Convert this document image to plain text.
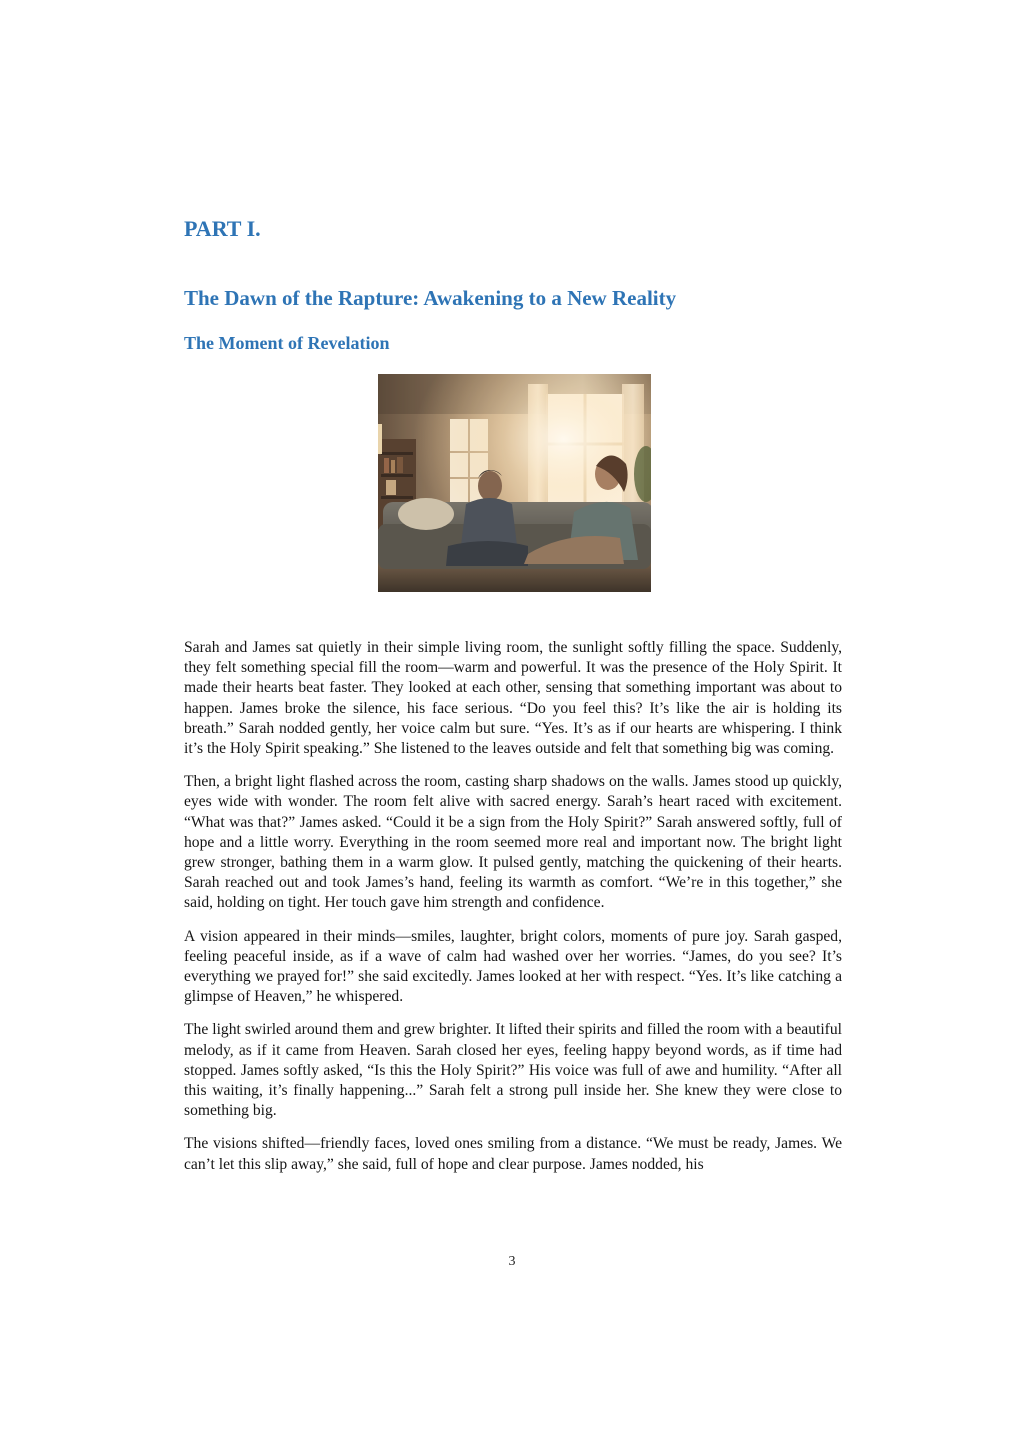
PART I.
The Dawn of the Rapture: Awakening to a New Reality
The Moment of Revelation

Sarah and James sat quietly in their simple living room, the sunlight softly filling the space. Suddenly, they felt something special fill the room—warm and powerful. It was the presence of the Holy Spirit. It made their hearts beat faster. They looked at each other, sensing that something important was about to happen. James broke the silence, his face serious. “Do you feel this? It’s like the air is holding its breath.” Sarah nodded gently, her voice calm but sure. “Yes. It’s as if our hearts are whispering. I think it’s the Holy Spirit speaking.” She listened to the leaves outside and felt that something big was coming.

Then, a bright light flashed across the room, casting sharp shadows on the walls. James stood up quickly, eyes wide with wonder. The room felt alive with sacred energy. Sarah’s heart raced with excitement. “What was that?” James asked. “Could it be a sign from the Holy Spirit?” Sarah answered softly, full of hope and a little worry. Everything in the room seemed more real and important now. The bright light grew stronger, bathing them in a warm glow. It pulsed gently, matching the quickening of their hearts. Sarah reached out and took James’s hand, feeling its warmth as comfort. “We’re in this together,” she said, holding on tight. Her touch gave him strength and confidence.

A vision appeared in their minds—smiles, laughter, bright colors, moments of pure joy. Sarah gasped, feeling peaceful inside, as if a wave of calm had washed over her worries. “James, do you see? It’s everything we prayed for!” she said excitedly. James looked at her with respect. “Yes. It’s like catching a glimpse of Heaven,” he whispered.

The light swirled around them and grew brighter. It lifted their spirits and filled the room with a beautiful melody, as if it came from Heaven. Sarah closed her eyes, feeling happy beyond words, as if time had stopped. James softly asked, “Is this the Holy Spirit?” His voice was full of awe and humility. “After all this waiting, it’s finally happening...” Sarah felt a strong pull inside her. She knew they were close to something big.

The visions shifted—friendly faces, loved ones smiling from a distance. “We must be ready, James. We can’t let this slip away,” she said, full of hope and clear purpose. James nodded, his

3
